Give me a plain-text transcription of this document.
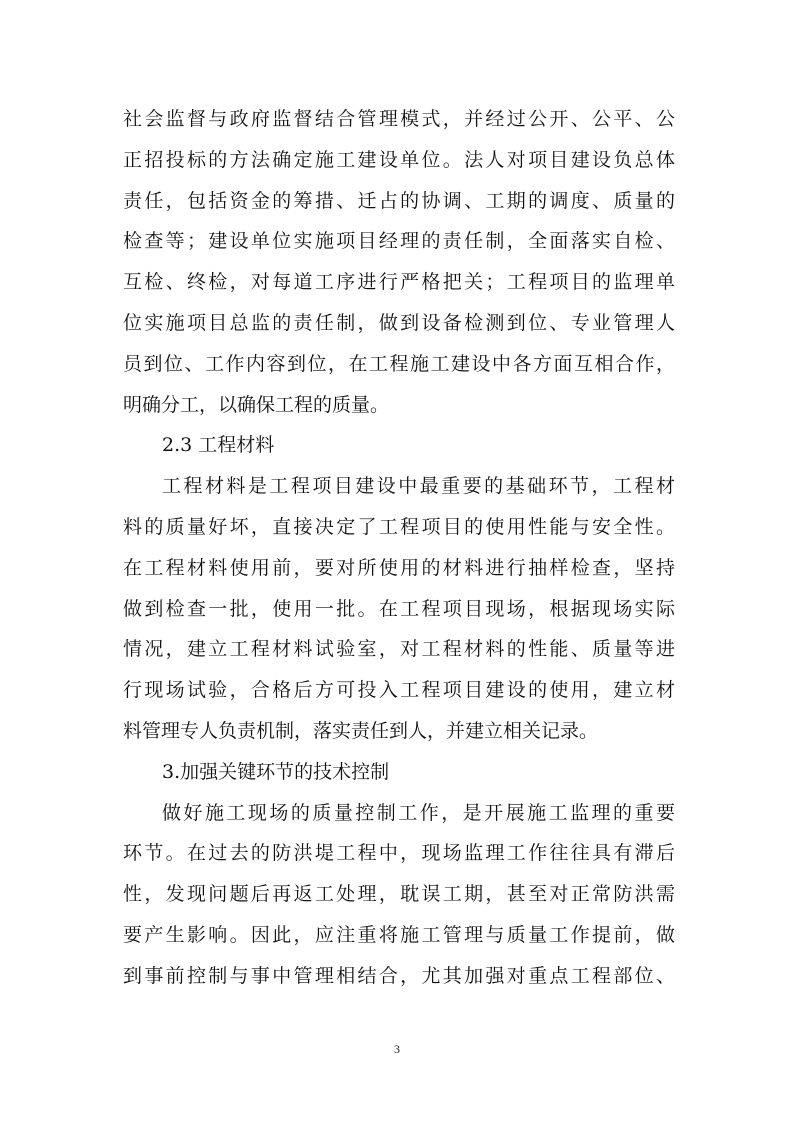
社会监督与政府监督结合管理模式，并经过公开、公平、公
正招投标的方法确定施工建设单位。法人对项目建设负总体
责任，包括资金的筹措、迁占的协调、工期的调度、质量的
检查等；建设单位实施项目经理的责任制，全面落实自检、
互检、终检，对每道工序进行严格把关；工程项目的监理单
位实施项目总监的责任制，做到设备检测到位、专业管理人
员到位、工作内容到位，在工程施工建设中各方面互相合作，
明确分工，以确保工程的质量。
2.3 工程材料
工程材料是工程项目建设中最重要的基础环节，工程材
料的质量好坏，直接决定了工程项目的使用性能与安全性。
在工程材料使用前，要对所使用的材料进行抽样检查，坚持
做到检查一批，使用一批。在工程项目现场，根据现场实际
情况，建立工程材料试验室，对工程材料的性能、质量等进
行现场试验，合格后方可投入工程项目建设的使用，建立材
料管理专人负责机制，落实责任到人，并建立相关记录。
3.加强关键环节的技术控制
做好施工现场的质量控制工作，是开展施工监理的重要
环节。在过去的防洪堤工程中，现场监理工作往往具有滞后
性，发现问题后再返工处理，耽误工期，甚至对正常防洪需
要产生影响。因此，应注重将施工管理与质量工作提前，做
到事前控制与事中管理相结合，尤其加强对重点工程部位、
3
